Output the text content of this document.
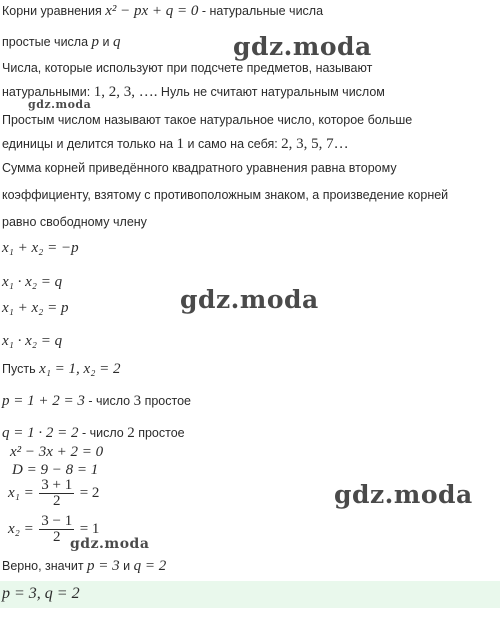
Корни уравнения x² − px + q = 0 - натуральные числа
простые числа p и q
Числа, которые используют при подсчете предметов, называют
натуральными: 1, 2, 3, …. Нуль не считают натуральным числом
Простым числом называют такое натуральное число, которое больше
единицы и делится только на 1 и само на себя: 2, 3, 5, 7…
Сумма корней приведённого квадратного уравнения равна второму
коэффициенту, взятому с противоположным знаком, а произведение корней
равно свободному члену
x₁ + x₂ = −p
x₁ · x₂ = q
x₁ + x₂ = p
x₁ · x₂ = q
Пусть x₁ = 1, x₂ = 2
p = 1 + 2 = 3 - число 3 простое
q = 1 · 2 = 2 - число 2 простое
x² − 3x + 2 = 0
D = 9 − 8 = 1
$x_1 = \frac{3 + 1}{2} = 2$
$x_2 = \frac{3 - 1}{2} = 1$
Верно, значит p = 3 и q = 2
p = 3, q = 2
gdz.moda
gdz.moda
gdz.moda
gdz.moda
gdz.moda
